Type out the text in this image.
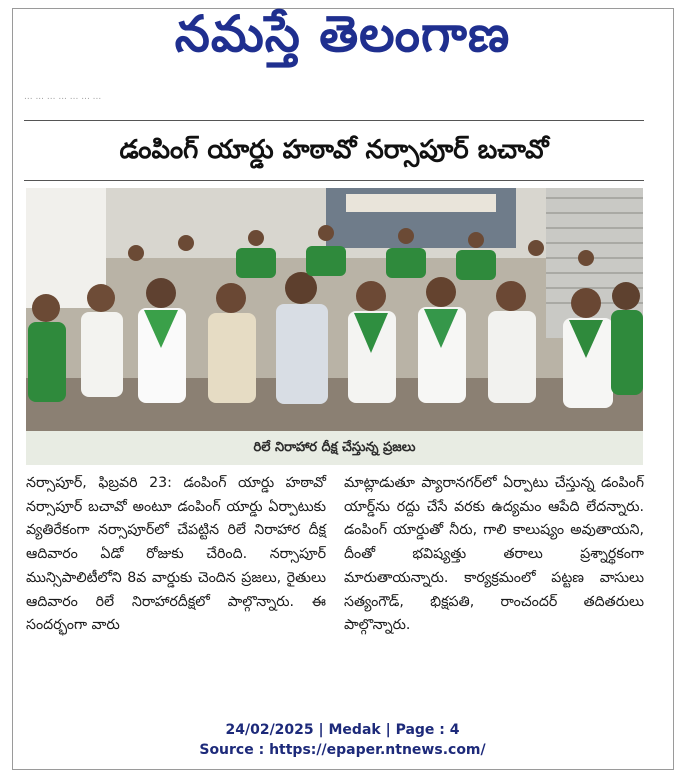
నమస్తే తెలంగాణ
... ... ... ... ... ... ...
డంపింగ్ యార్డు హఠావో నర్సాపూర్ బచావో
రిలే నిరాహార దీక్ష చేస్తున్న ప్రజలు
నర్సాపూర్, ఫిబ్రవరి 23: డంపింగ్ యార్డు హఠావో నర్సాపూర్ బచావో అంటూ డంపింగ్ యార్డు ఏర్పాటుకు వ్యతిరేకంగా నర్సాపూర్‌లో చేపట్టిన రిలే నిరాహార దీక్ష ఆదివారం ఏడో రోజుకు చేరింది. నర్సాపూర్ మున్సిపాలిటీలోని 8వ వార్డుకు చెందిన ప్రజలు, రైతులు ఆదివారం రిలే నిరాహారదీక్షలో పాల్గొన్నారు. ఈ సందర్భంగా వారు
మాట్లాడుతూ ప్యారానగర్‌లో ఏర్పాటు చేస్తున్న డంపింగ్ యార్డ్‌ను రద్దు చేసే వరకు ఉద్యమం ఆపేది లేదన్నారు. డంపింగ్ యార్డుతో నీరు, గాలి కాలుష్యం అవుతాయని, దీంతో భవిష్యత్తు తరాలు ప్రశ్నార్థకంగా మారుతాయన్నారు. కార్యక్రమంలో పట్టణ వాసులు సత్యంగౌడ్, భిక్షపతి, రాంచందర్ తదితరులు పాల్గొన్నారు.
24/02/2025 | Medak | Page : 4
Source : https://epaper.ntnews.com/
